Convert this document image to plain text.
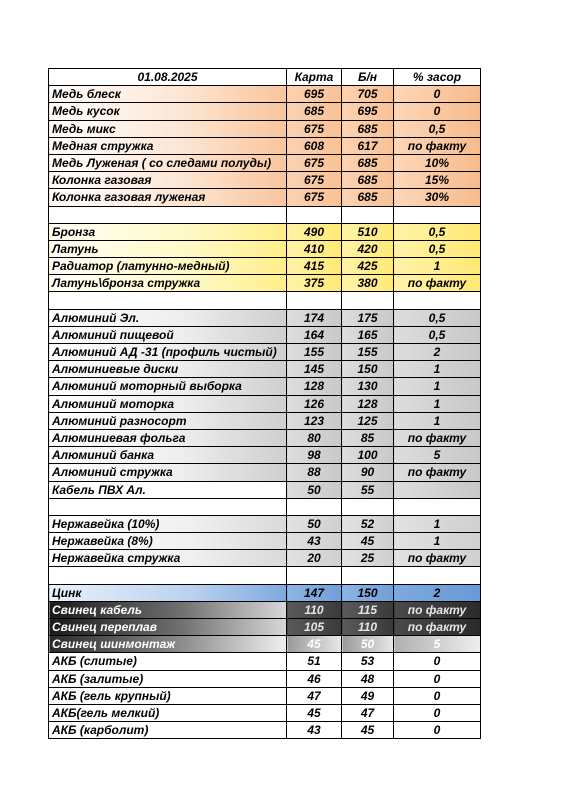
01.08.2025	Карта	Б/н	% засор
Медь блеск	695	705	0
Медь кусок	685	695	0
Медь микс	675	685	0,5
Медная стружка	608	617	по факту
Медь Луженая ( со следами полуды)	675	685	10%
Колонка газовая	675	685	15%
Колонка газовая луженая	675	685	30%

Бронза	490	510	0,5
Латунь	410	420	0,5
Радиатор (латунно-медный)	415	425	1
Латунь\бронза стружка	375	380	по факту

Алюминий Эл.	174	175	0,5
Алюминий пищевой	164	165	0,5
Алюминий АД -31 (профиль чистый)	155	155	2
Алюминиевые диски	145	150	1
Алюминий моторный выборка	128	130	1
Алюминий моторка	126	128	1
Алюминий разносорт	123	125	1
Алюминиевая фольга	80	85	по факту
Алюминий банка	98	100	5
Алюминий стружка	88	90	по факту
Кабель ПВХ Ал.	50	55	

Нержавейка (10%)	50	52	1
Нержавейка (8%)	43	45	1
Нержавейка стружка	20	25	по факту

Цинк	147	150	2
Свинец кабель	110	115	по факту
Свинец переплав	105	110	по факту
Свинец шинмонтаж	45	50	5
АКБ (слитые)	51	53	0
АКБ (залитые)	46	48	0
АКБ (гель крупный)	47	49	0
АКБ(гель мелкий)	45	47	0
АКБ (карболит)	43	45	0
